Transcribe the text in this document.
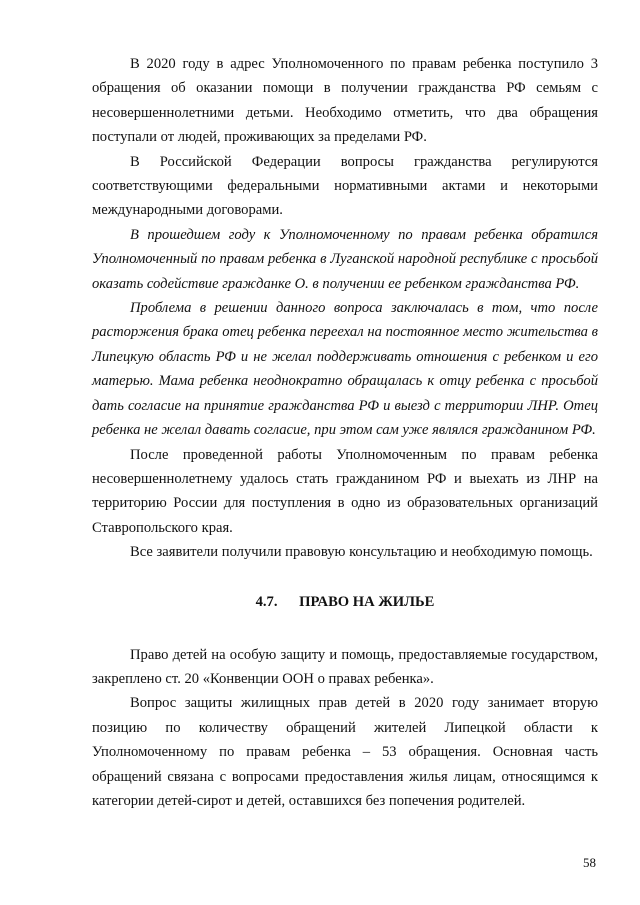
В 2020 году в адрес Уполномоченного по правам ребенка поступило 3 обращения об оказании помощи в получении гражданства РФ семьям с несовершеннолетними детьми. Необходимо отметить, что два обращения поступали от людей, проживающих за пределами РФ.

В Российской Федерации вопросы гражданства регулируются соответствующими федеральными нормативными актами и некоторыми международными договорами.

В прошедшем году к Уполномоченному по правам ребенка обратился Уполномоченный по правам ребенка в Луганской народной республике с просьбой оказать содействие гражданке О. в получении ее ребенком гражданства РФ.

Проблема в решении данного вопроса заключалась в том, что после расторжения брака отец ребенка переехал на постоянное место жительства в Липецкую область РФ и не желал поддерживать отношения с ребенком и его матерью. Мама ребенка неоднократно обращалась к отцу ребенка с просьбой дать согласие на принятие гражданства РФ и выезд с территории ЛНР. Отец ребенка не желал давать согласие, при этом сам уже являлся гражданином РФ.

После проведенной работы Уполномоченным по правам ребенка несовершеннолетнему удалось стать гражданином РФ и выехать из ЛНР на территорию России для поступления в одно из образовательных организаций Ставропольского края.

Все заявители получили правовую консультацию и необходимую помощь.

4.7. ПРАВО НА ЖИЛЬЕ

Право детей на особую защиту и помощь, предоставляемые государством, закреплено ст. 20 «Конвенции ООН о правах ребенка».

Вопрос защиты жилищных прав детей в 2020 году занимает вторую позицию по количеству обращений жителей Липецкой области к Уполномоченному по правам ребенка – 53 обращения. Основная часть обращений связана с вопросами предоставления жилья лицам, относящимся к категории детей-сирот и детей, оставшихся без попечения родителей.

58
